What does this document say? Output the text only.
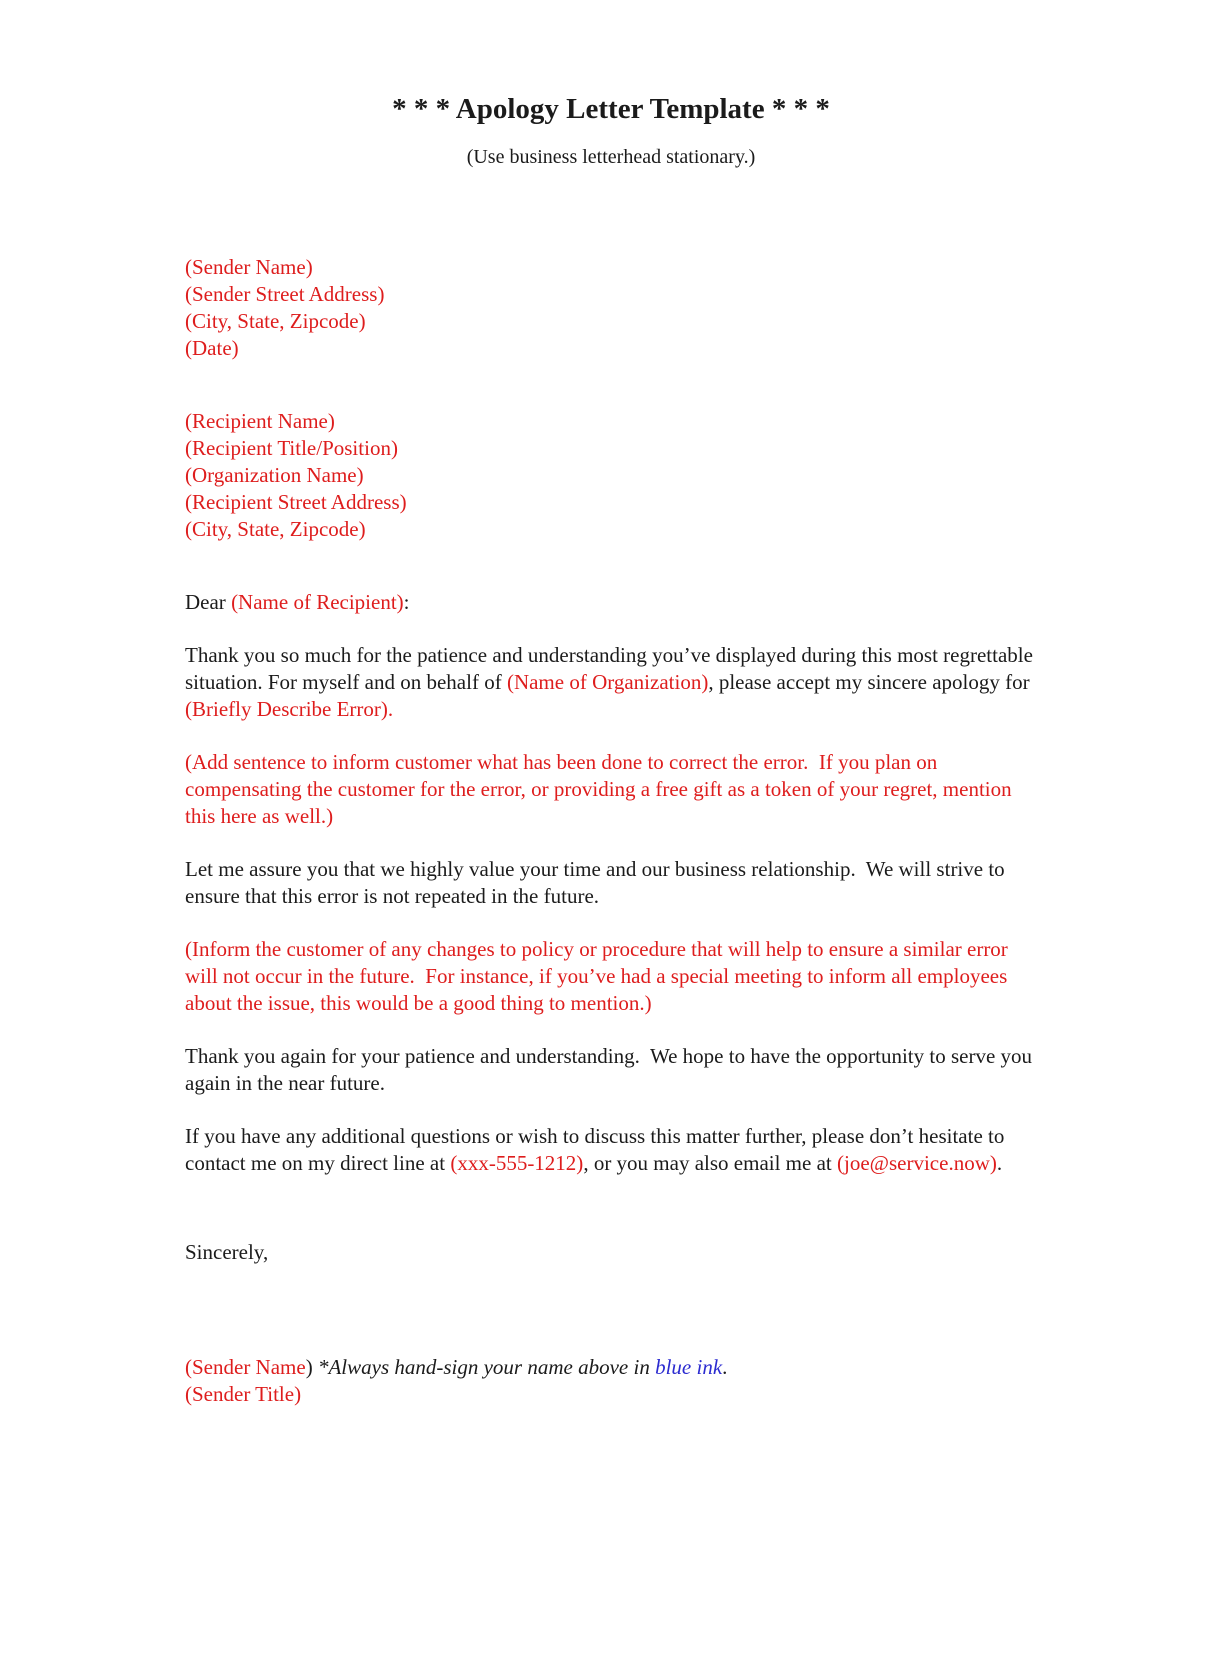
* * * Apology Letter Template * * *

(Use business letterhead stationary.)

(Sender Name)
(Sender Street Address)
(City, State, Zipcode)
(Date)
(Recipient Name)
(Recipient Title/Position)
(Organization Name)
(Recipient Street Address)
(City, State, Zipcode)

Dear (Name of Recipient):

Thank you so much for the patience and understanding you’ve displayed during this most regrettable situation. For myself and on behalf of (Name of Organization), please accept my sincere apology for (Briefly Describe Error).

(Add sentence to inform customer what has been done to correct the error.  If you plan on compensating the customer for the error, or providing a free gift as a token of your regret, mention this here as well.)

Let me assure you that we highly value your time and our business relationship.  We will strive to ensure that this error is not repeated in the future.

(Inform the customer of any changes to policy or procedure that will help to ensure a similar error will not occur in the future.  For instance, if you’ve had a special meeting to inform all employees about the issue, this would be a good thing to mention.)

Thank you again for your patience and understanding.  We hope to have the opportunity to serve you again in the near future.

If you have any additional questions or wish to discuss this matter further, please don’t hesitate to contact me on my direct line at (xxx-555-1212), or you may also email me at (joe@service.now).

Sincerely,

(Sender Name) *Always hand-sign your name above in blue ink.

(Sender Title)
